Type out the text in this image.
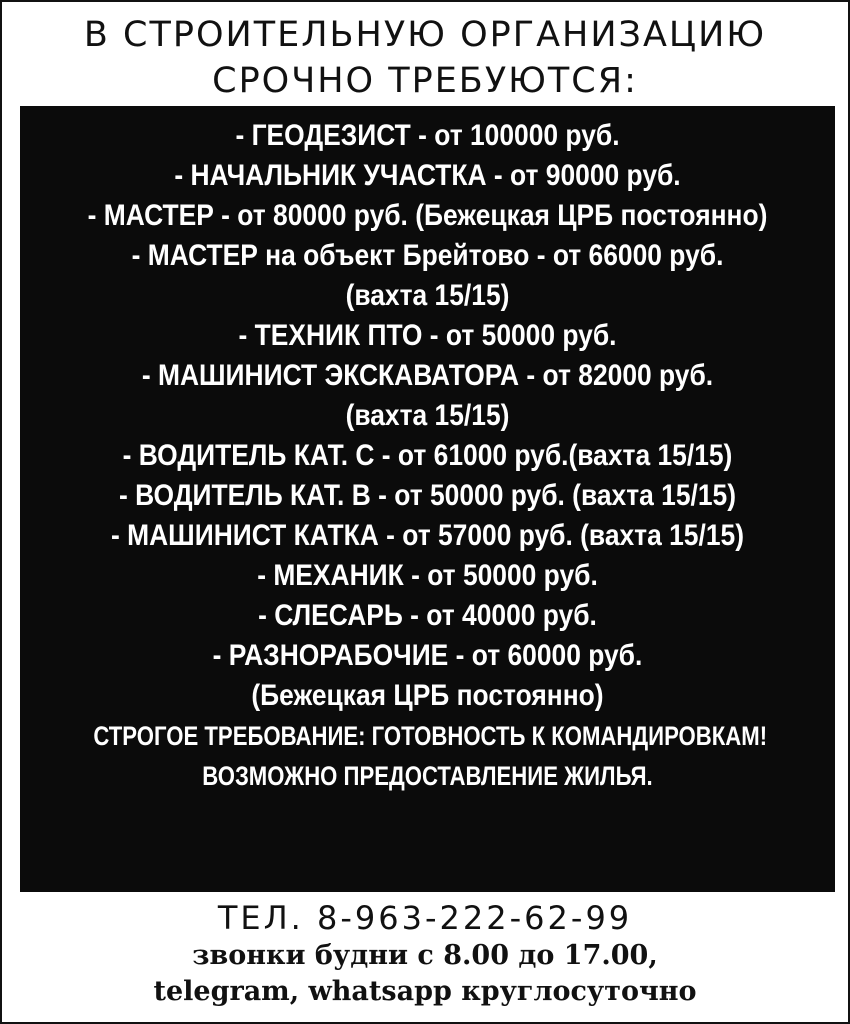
В СТРОИТЕЛЬНУЮ ОРГАНИЗАЦИЮ
СРОЧНО ТРЕБУЮТСЯ:
- ГЕОДЕЗИСТ - от 100000 руб.
- НАЧАЛЬНИК УЧАСТКА - от 90000 руб.
- МАСТЕР - от 80000 руб. (Бежецкая ЦРБ постоянно)
- МАСТЕР на объект Брейтово - от 66000 руб.
(вахта 15/15)
- ТЕХНИК ПТО - от 50000 руб.
- МАШИНИСТ ЭКСКАВАТОРА - от 82000 руб.
(вахта 15/15)
- ВОДИТЕЛЬ КАТ. С - от 61000 руб.(вахта 15/15)
- ВОДИТЕЛЬ КАТ. В - от 50000 руб. (вахта 15/15)
- МАШИНИСТ КАТКА - от 57000 руб. (вахта 15/15)
- МЕХАНИК - от 50000 руб.
- СЛЕСАРЬ - от 40000 руб.
- РАЗНОРАБОЧИЕ - от 60000 руб.
(Бежецкая ЦРБ постоянно)
СТРОГОЕ ТРЕБОВАНИЕ: ГОТОВНОСТЬ К КОМАНДИРОВКАМ!
ВОЗМОЖНО ПРЕДОСТАВЛЕНИЕ ЖИЛЬЯ.
ТЕЛ. 8-963-222-62-99
звонки будни с 8.00 до 17.00,
telegram, whatsapp круглосуточно
